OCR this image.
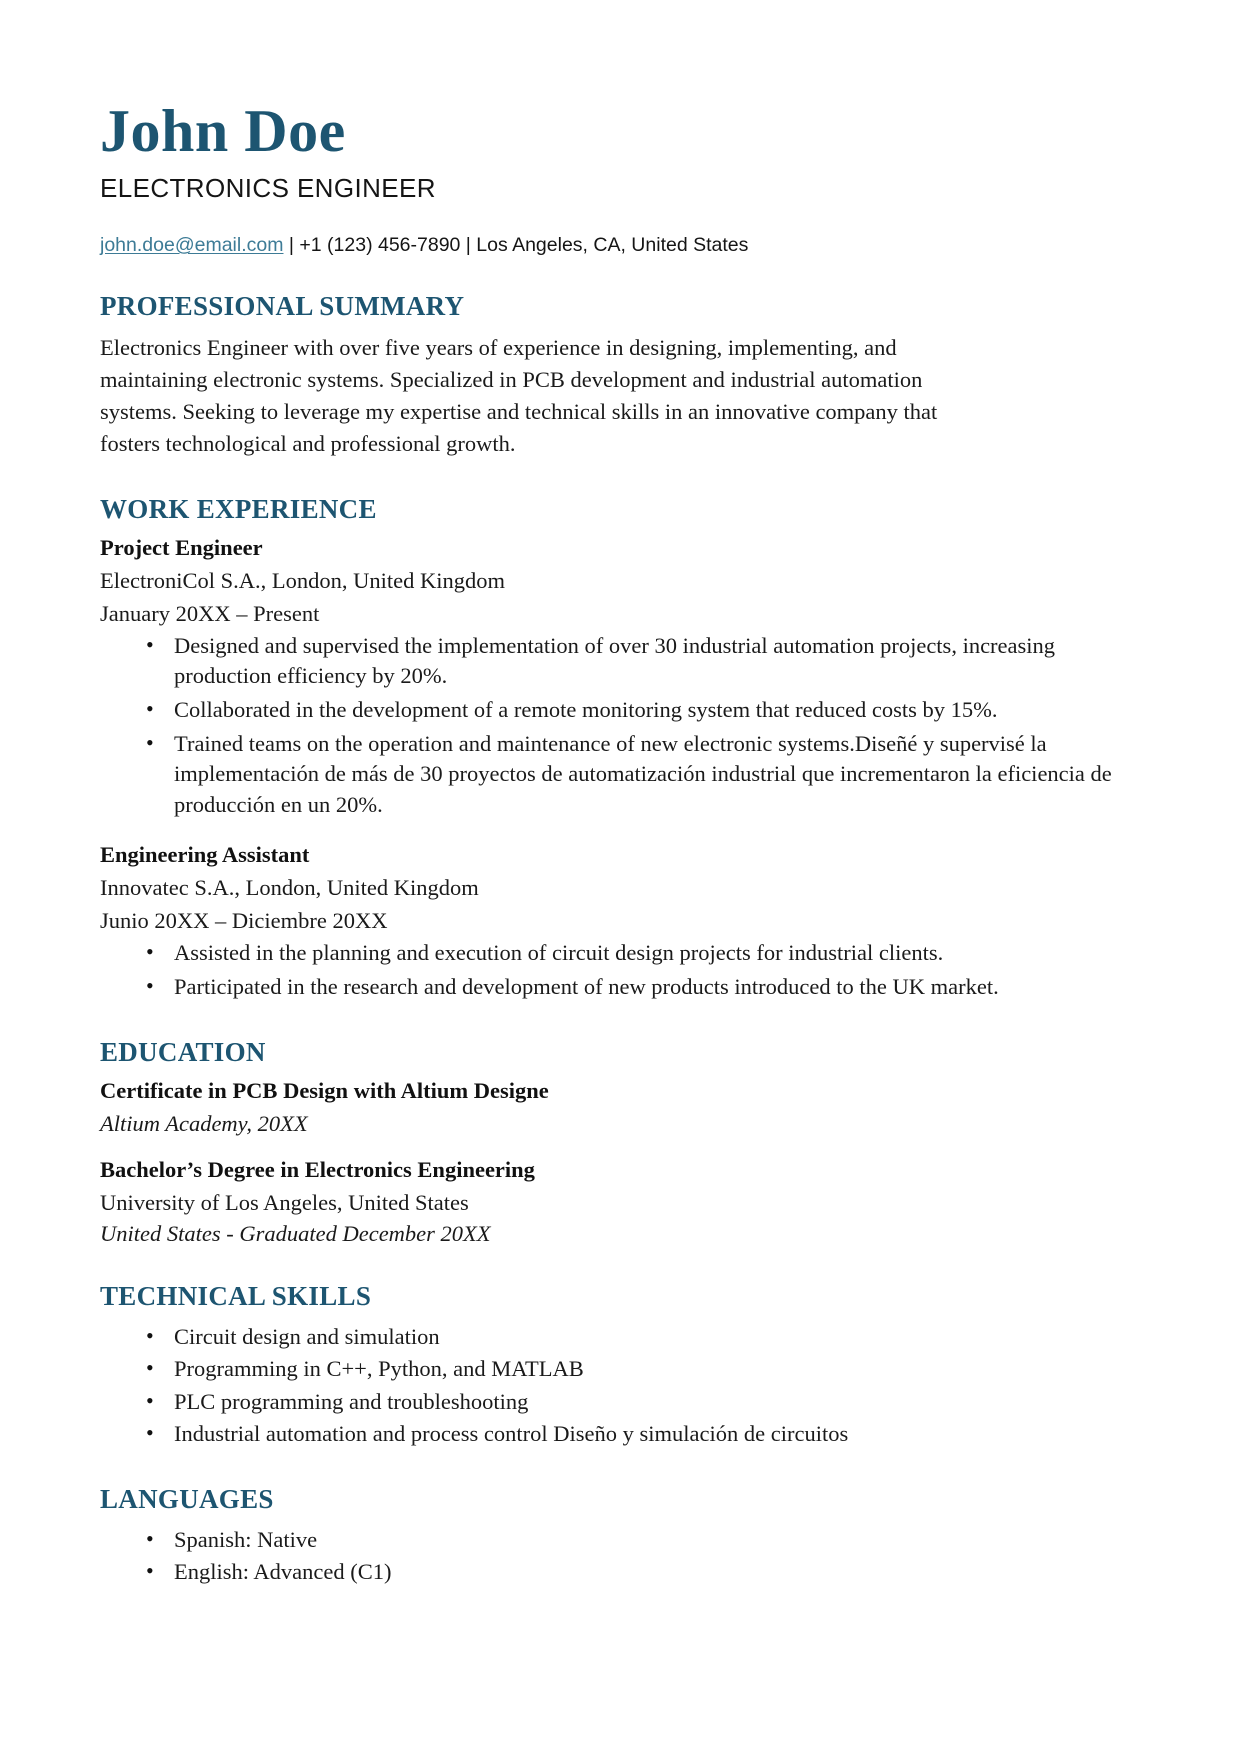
John Doe
ELECTRONICS ENGINEER
john.doe@email.com | +1 (123) 456-7890 | Los Angeles, CA, United States
PROFESSIONAL SUMMARY

Electronics Engineer with over five years of experience in designing, implementing, and maintaining electronic systems. Specialized in PCB development and industrial automation systems. Seeking to leverage my expertise and technical skills in an innovative company that fosters technological and professional growth.

WORK EXPERIENCE
Project Engineer
ElectroniCol S.A., London, United Kingdom
January 20XX – Present
• Designed and supervised the implementation of over 30 industrial automation projects, increasing production efficiency by 20%.
• Collaborated in the development of a remote monitoring system that reduced costs by 15%.
• Trained teams on the operation and maintenance of new electronic systems.Diseñé y supervisé la implementación de más de 30 proyectos de automatización industrial que incrementaron la eficiencia de producción en un 20%.
Engineering Assistant
Innovatec S.A., London, United Kingdom
Junio 20XX – Diciembre 20XX
• Assisted in the planning and execution of circuit design projects for industrial clients.
• Participated in the research and development of new products introduced to the UK market.
EDUCATION
Certificate in PCB Design with Altium Designe
Altium Academy, 20XX
Bachelor’s Degree in Electronics Engineering
University of Los Angeles, United States
United States - Graduated December 20XX
TECHNICAL SKILLS
• Circuit design and simulation
• Programming in C++, Python, and MATLAB
• PLC programming and troubleshooting
• Industrial automation and process control Diseño y simulación de circuitos
LANGUAGES
• Spanish: Native
• English: Advanced (C1)
